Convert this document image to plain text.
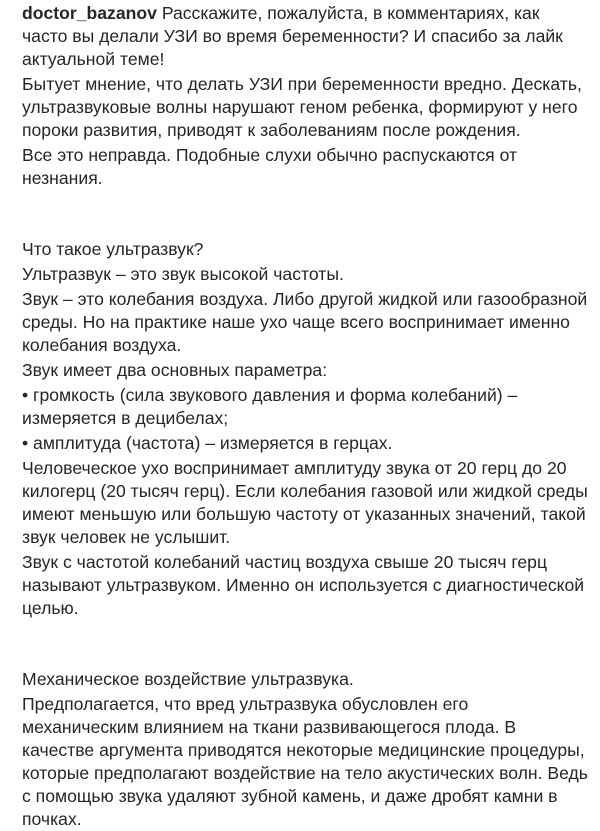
doctor_bazanov Расскажите, пожалуйста, в комментариях, как часто вы делали УЗИ во время беременности? И спасибо за лайк актуальной теме!
Бытует мнение, что делать УЗИ при беременности вредно. Дескать, ультразвуковые волны нарушают геном ребенка, формируют у него пороки развития, приводят к заболеваниям после рождения.
Все это неправда. Подобные слухи обычно распускаются от незнания.
Что такое ультразвук?
Ультразвук – это звук высокой частоты.
Звук – это колебания воздуха. Либо другой жидкой или газообразной среды. Но на практике наше ухо чаще всего воспринимает именно колебания воздуха.
Звук имеет два основных параметра:
• громкость (сила звукового давления и форма колебаний) – измеряется в децибелах;
• амплитуда (частота) – измеряется в герцах.
Человеческое ухо воспринимает амплитуду звука от 20 герц до 20 килогерц (20 тысяч герц). Если колебания газовой или жидкой среды имеют меньшую или большую частоту от указанных значений, такой звук человек не услышит.
Звук с частотой колебаний частиц воздуха свыше 20 тысяч герц называют ультразвуком. Именно он используется с диагностической целью.
Механическое воздействие ультразвука.
Предполагается, что вред ультразвука обусловлен его механическим влиянием на ткани развивающегося плода. В качестве аргумента приводятся некоторые медицинские процедуры, которые предполагают воздействие на тело акустических волн. Ведь с помощью звука удаляют зубной камень, и даже дробят камни в почках.
